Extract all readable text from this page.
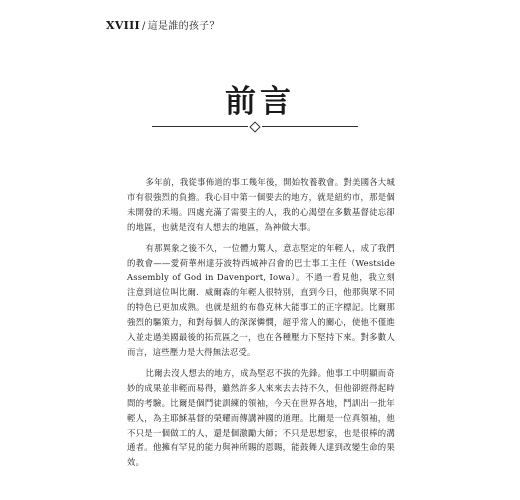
XVIII / 這是誰的孩子？
前言

多年前，我從事佈道的事工幾年後，開始牧養教會。對美國各大城市有很強烈的負擔。我心目中第一個要去的地方，就是紐約市，那是個未開發的禾場。四處充滿了需要主的人，我的心渴望在多數基督徒忘卻的地區，也就是沒有人想去的地區，為神做大事。

有那異象之後不久，一位體力驚人，意志堅定的年輕人，成了我們的教會——愛荷華州達芬波特西城神召會的巴士事工主任（Westside Assembly of God in Davenport, Iowa）。不過一看見他，我立刻注意到這位叫比爾．威爾森的年輕人很特別，直到今日，他那與眾不同的特色已更加成熟。也就是紐約布魯克林大能事工的正字標記。比爾那強烈的驅策力，和對每個人的深深憐憫，超乎常人的關心，使他不僅進入並走過美國最後的拓荒區之一，也在各種壓力下堅持下來。對多數人而言，這些壓力是大得無法忍受。

比爾去沒人想去的地方，成為堅忍不拔的先鋒。他事工中明顯而奇妙的成果並非輕而易得，雖然許多人來來去去持不久，但他卻經得起時間的考驗。比爾是個鬥徒訓練的領袖，今天在世界各地，鬥訓出一批年輕人，為主耶穌基督的榮耀而傳講神國的道理。比爾是一位真領袖，他不只是一個做工的人，還是個激勵大師；不只是思想家，也是很棒的溝通者。他擁有罕見的能力與神所賜的恩賜，能鼓舞人達到改變生命的果效。
